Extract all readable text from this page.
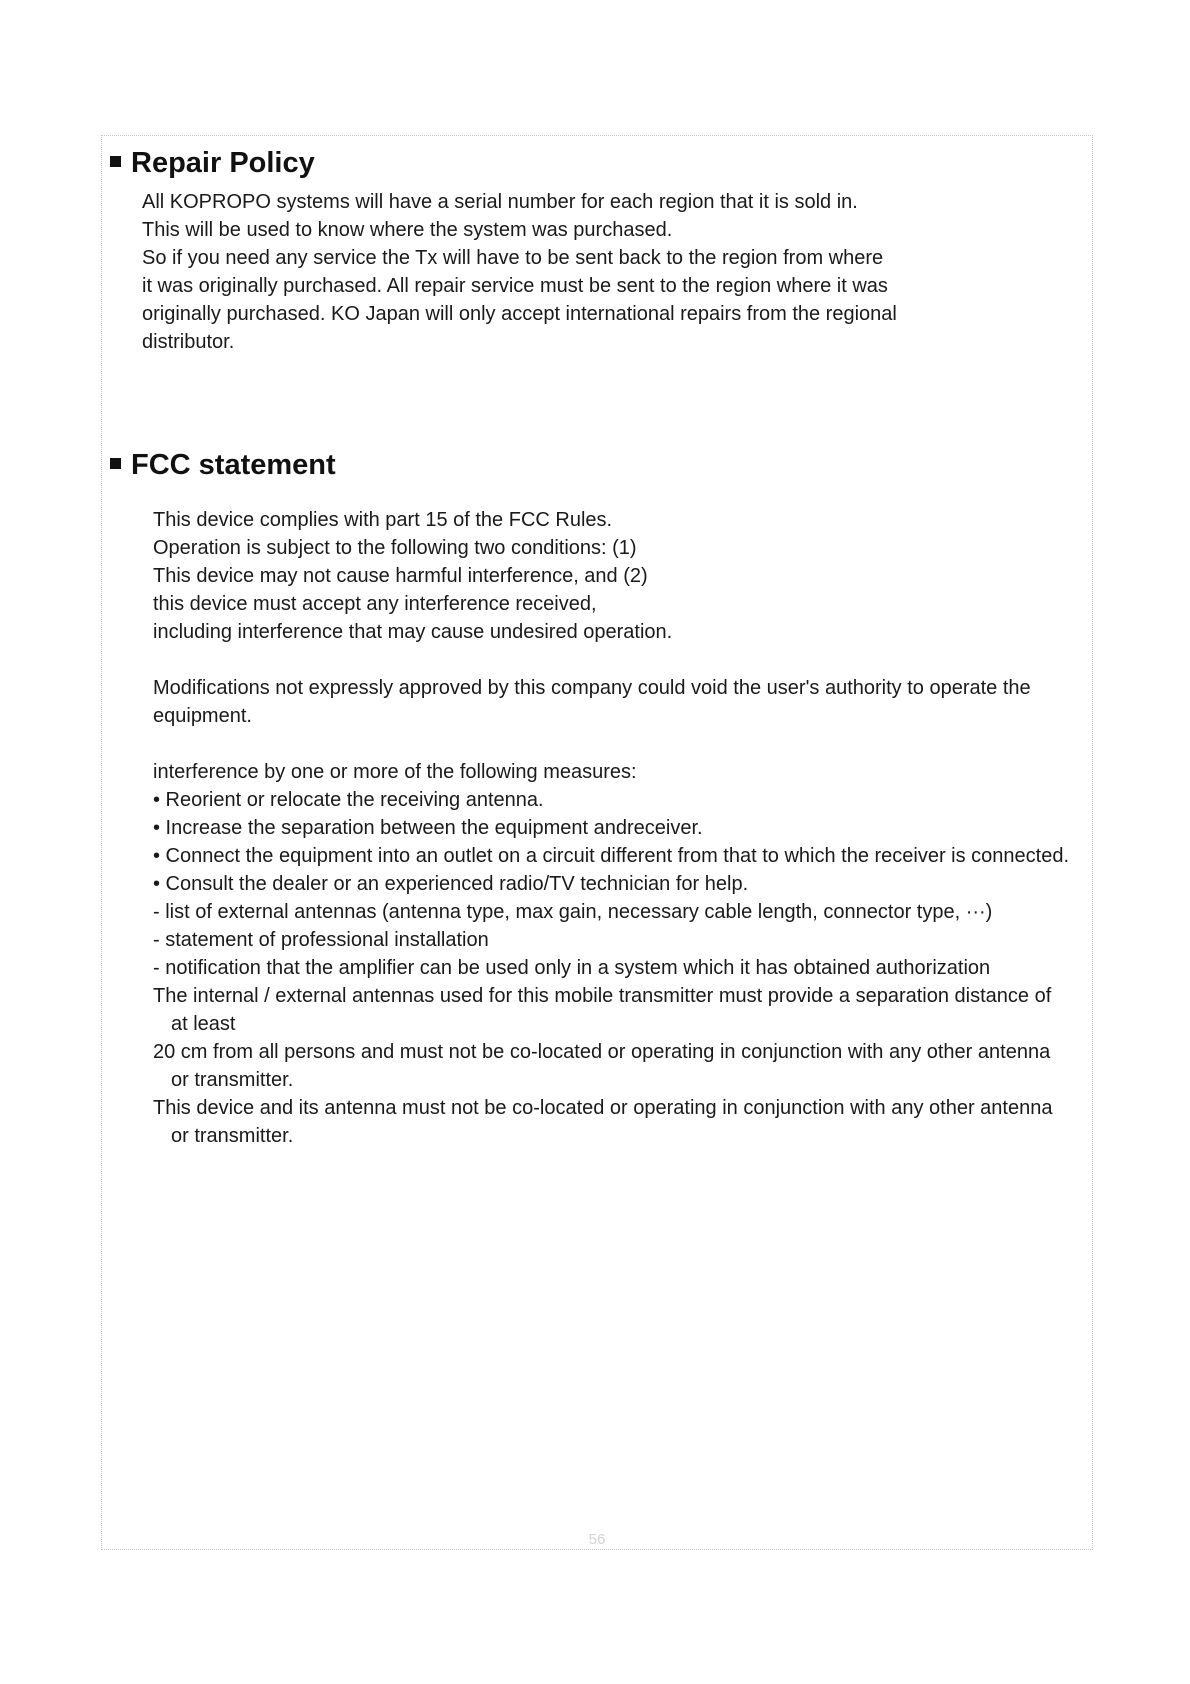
56
Repair Policy

All KOPROPO systems will have a serial number for each region that it is sold in.

This will be used to know where the system was purchased.

So if you need any service the Tx will have to be sent back to the region from where

it was originally purchased. All repair service must be sent to the region where it was

originally purchased. KO Japan will only accept international repairs from the regional

distributor.

FCC statement

This device complies with part 15 of the FCC Rules.

Operation is subject to the following two conditions: (1)

This device may not cause harmful interference, and (2)

this device must accept any interference received,

including interference that may cause undesired operation.

Modifications not expressly approved by this company could void the user's authority to operate the equipment.

interference by one or more of the following measures:

• Reorient or relocate the receiving antenna.

• Increase the separation between the equipment andreceiver.

• Connect the equipment into an outlet on a circuit different from that to which the receiver is connected.

• Consult the dealer or an experienced radio/TV technician for help.

- list of external antennas (antenna type, max gain, necessary cable length, connector type, ···)

- statement of professional installation

- notification that the amplifier can be used only in a system which it has obtained authorization

The internal / external antennas used for this mobile transmitter must provide a separation distance of at least

20 cm from all persons and must not be co-located or operating in conjunction with any other antenna or transmitter.

This device and its antenna must not be co-located or operating in conjunction with any other antenna or transmitter.
